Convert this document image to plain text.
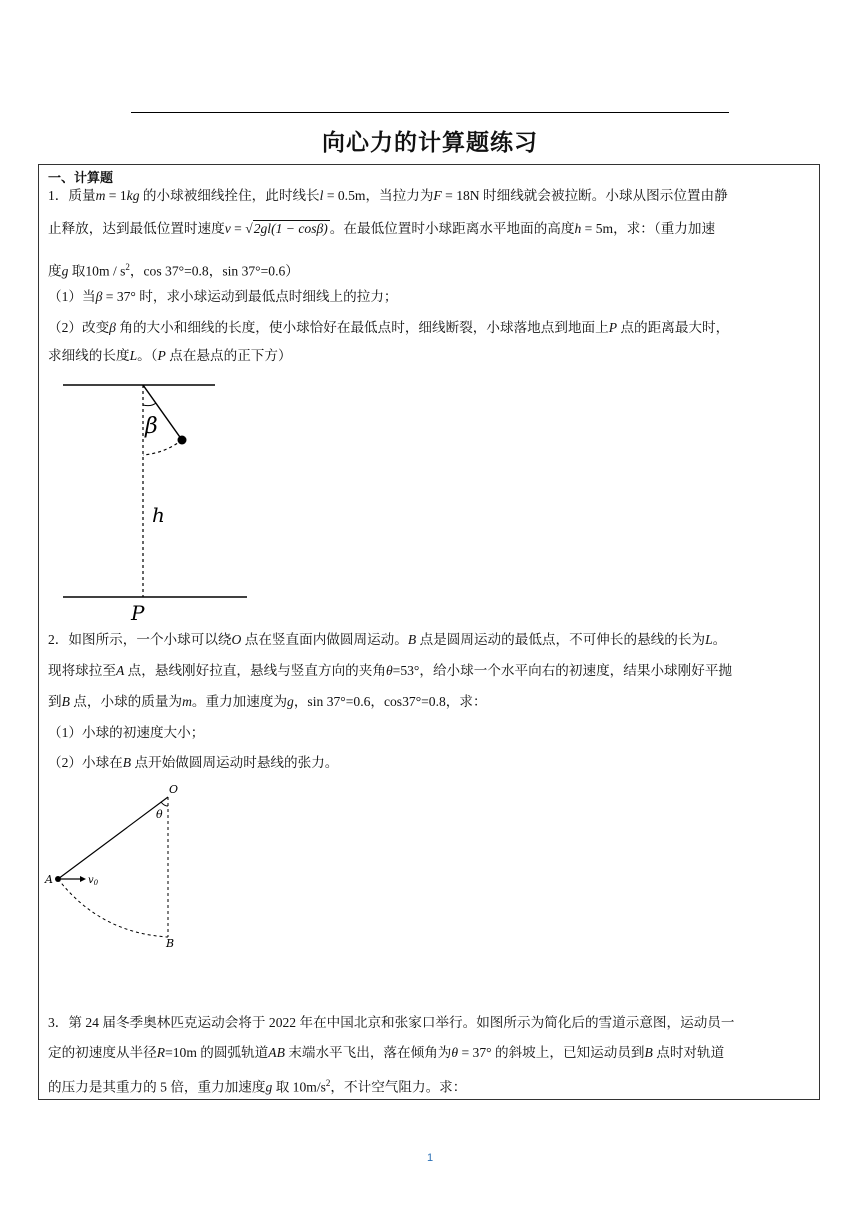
向心力的计算题练习
一、计算题
1．质量m = 1kg 的小球被细线拴住，此时线长l = 0.5m，当拉力为F = 18N 时细线就会被拉断。小球从图示位置由静
止释放，达到最低位置时速度v = √2gl(1 − cosβ) 。在最低位置时小球距离水平地面的高度h = 5m，求：（重力加速
度g 取$10m / s^2$，cos 37°=0.8，sin 37°=0.6）
（1）当β = 37° 时，求小球运动到最低点时细线上的拉力；
（2）改变β 角的大小和细线的长度，使小球恰好在最低点时，细线断裂，小球落地点到地面上P 点的距离最大时，
求细线的长度L。（P 点在悬点的正下方）
β
h
P
2．如图所示，一个小球可以绕O 点在竖直面内做圆周运动。B 点是圆周运动的最低点，不可伸长的悬线的长为L。
现将球拉至A 点，悬线刚好拉直，悬线与竖直方向的夹角θ=53°，给小球一个水平向右的初速度，结果小球刚好平抛
到B 点，小球的质量为m。重力加速度为g，sin 37°=0.6，cos37°=0.8，求：
（1）小球的初速度大小；
（2）小球在B 点开始做圆周运动时悬线的张力。
O
θ
A	$v_0$
B
3．第 24 届冬季奥林匹克运动会将于 2022 年在中国北京和张家口举行。如图所示为简化后的雪道示意图，运动员一
定的初速度从半径R=10m 的圆弧轨道AB 末端水平飞出，落在倾角为θ = 37° 的斜坡上，已知运动员到B 点时对轨道
的压力是其重力的 5 倍，重力加速度g 取 $10m/s^2$，不计空气阻力。求：
1
